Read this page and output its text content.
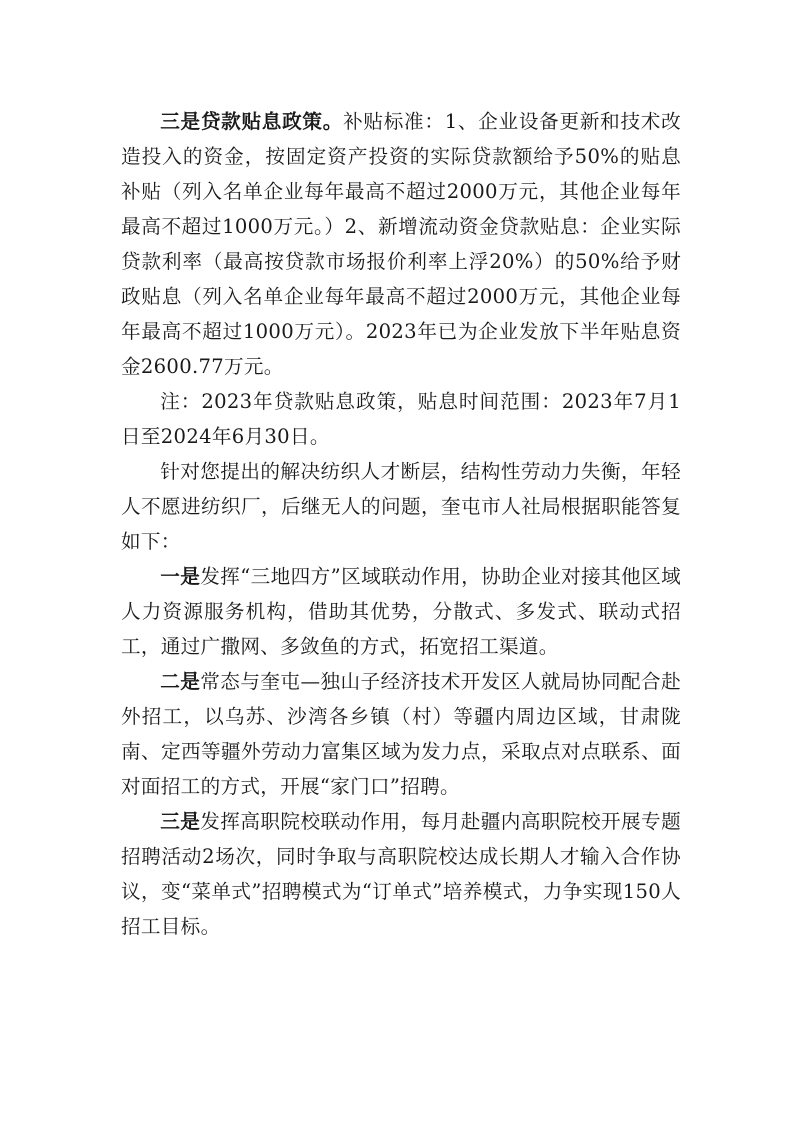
三是贷款贴息政策。补贴标准：1、企业设备更新和技术改造投入的资金，按固定资产投资的实际贷款额给予50%的贴息补贴（列入名单企业每年最高不超过2000万元，其他企业每年最高不超过1000万元。）2、新增流动资金贷款贴息：企业实际贷款利率（最高按贷款市场报价利率上浮20%）的50%给予财政贴息（列入名单企业每年最高不超过2000万元，其他企业每年最高不超过1000万元）。2023年已为企业发放下半年贴息资金2600.77万元。

注：2023年贷款贴息政策，贴息时间范围：2023年7月1日至2024年6月30日。

针对您提出的解决纺织人才断层，结构性劳动力失衡，年轻人不愿进纺织厂，后继无人的问题，奎屯市人社局根据职能答复如下：

一是发挥“三地四方”区域联动作用，协助企业对接其他区域人力资源服务机构，借助其优势，分散式、多发式、联动式招工，通过广撒网、多敛鱼的方式，拓宽招工渠道。

二是常态与奎屯—独山子经济技术开发区人就局协同配合赴外招工，以乌苏、沙湾各乡镇（村）等疆内周边区域，甘肃陇南、定西等疆外劳动力富集区域为发力点，采取点对点联系、面对面招工的方式，开展“家门口”招聘。

三是发挥高职院校联动作用，每月赴疆内高职院校开展专题招聘活动2场次，同时争取与高职院校达成长期人才输入合作协议，变“菜单式”招聘模式为“订单式”培养模式，力争实现150人招工目标。
